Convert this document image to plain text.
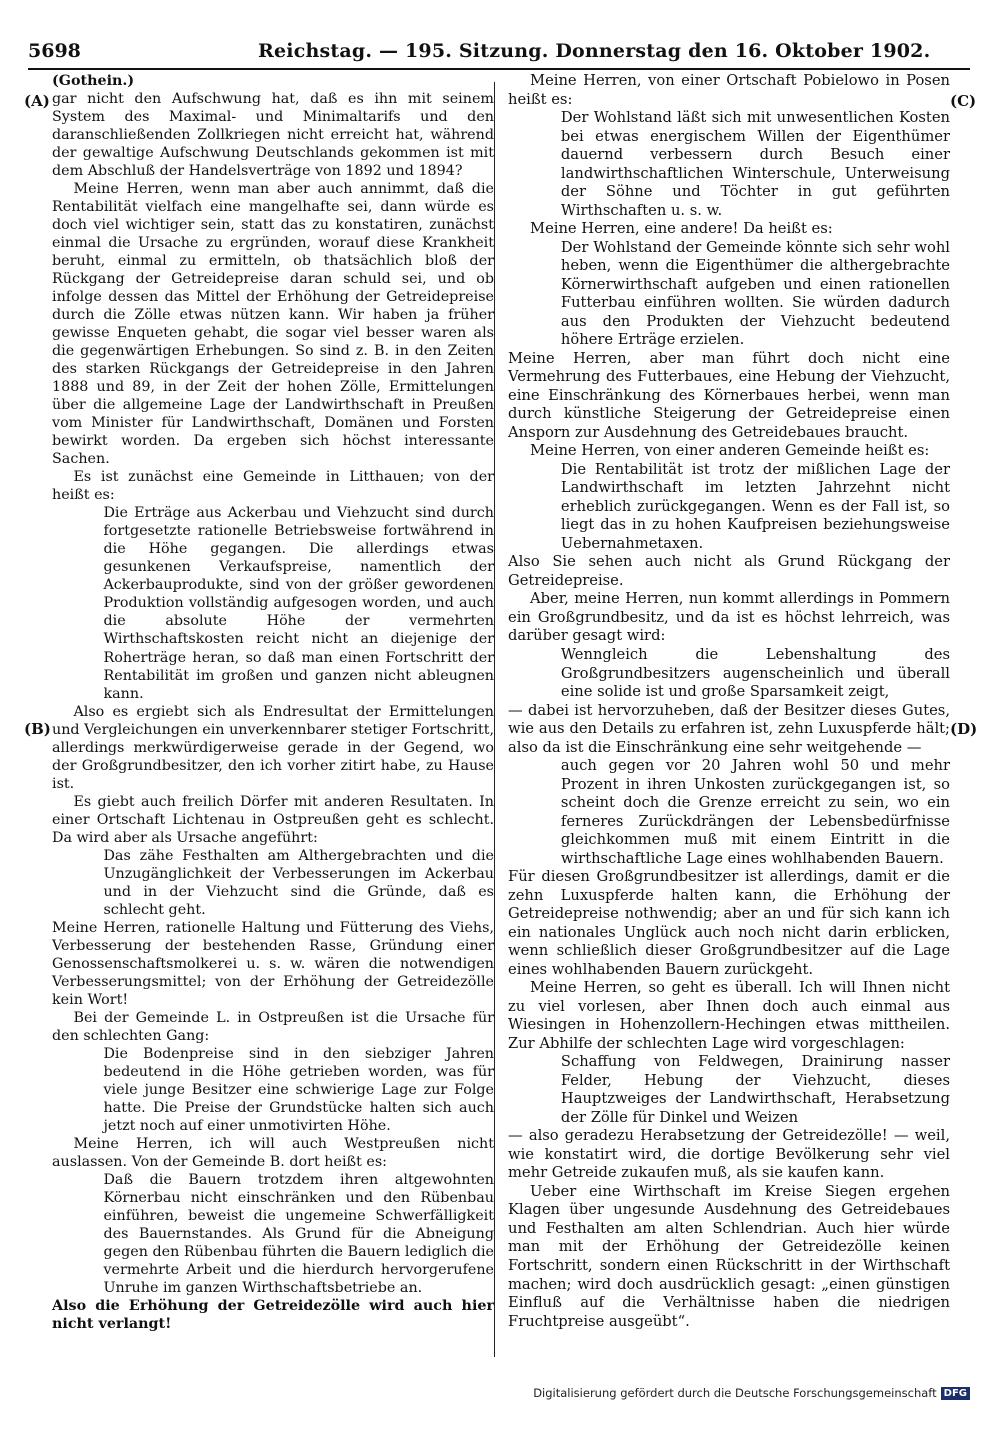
5698	Reichstag. — 195. Sitzung. Donnerstag den 16. Oktober 1902.
(A)
(B)
(C)
(D)
(Gothein.)

gar nicht den Aufschwung hat, daß es ihn mit seinem System des Maximal- und Minimaltarifs und den daranschließenden Zollkriegen nicht erreicht hat, während der gewaltige Aufschwung Deutschlands gekommen ist mit dem Abschluß der Handelsverträge von 1892 und 1894?

Meine Herren, wenn man aber auch annimmt, daß die Rentabilität vielfach eine mangelhafte sei, dann würde es doch viel wichtiger sein, statt das zu konstatiren, zunächst einmal die Ursache zu ergründen, worauf diese Krankheit beruht, einmal zu ermitteln, ob thatsächlich bloß der Rückgang der Getreidepreise daran schuld sei, und ob infolge dessen das Mittel der Erhöhung der Getreidepreise durch die Zölle etwas nützen kann. Wir haben ja früher gewisse Enqueten gehabt, die sogar viel besser waren als die gegenwärtigen Erhebungen. So sind z. B. in den Zeiten des starken Rückgangs der Getreidepreise in den Jahren 1888 und 89, in der Zeit der hohen Zölle, Ermittelungen über die allgemeine Lage der Landwirthschaft in Preußen vom Minister für Landwirthschaft, Domänen und Forsten bewirkt worden. Da ergeben sich höchst interessante Sachen.

Es ist zunächst eine Gemeinde in Litthauen; von der heißt es:

Die Erträge aus Ackerbau und Viehzucht sind durch fortgesetzte rationelle Betriebsweise fortwährend in die Höhe gegangen. Die allerdings etwas gesunkenen Verkaufspreise, namentlich der Ackerbauprodukte, sind von der größer gewordenen Produktion vollständig aufgesogen worden, und auch die absolute Höhe der vermehrten Wirthschaftskosten reicht nicht an diejenige der Roherträge heran, so daß man einen Fortschritt der Rentabilität im großen und ganzen nicht ableugnen kann.

Also es ergiebt sich als Endresultat der Ermittelungen und Vergleichungen ein unverkennbarer stetiger Fortschritt, allerdings merkwürdigerweise gerade in der Gegend, wo der Großgrundbesitzer, den ich vorher zitirt habe, zu Hause ist.

Es giebt auch freilich Dörfer mit anderen Resultaten. In einer Ortschaft Lichtenau in Ostpreußen geht es schlecht. Da wird aber als Ursache angeführt:

Das zähe Festhalten am Althergebrachten und die Unzugänglichkeit der Verbesserungen im Ackerbau und in der Viehzucht sind die Gründe, daß es schlecht geht.

Meine Herren, rationelle Haltung und Fütterung des Viehs, Verbesserung der bestehenden Rasse, Gründung einer Genossenschaftsmolkerei u. s. w. wären die notwendigen Verbesserungsmittel; von der Erhöhung der Getreidezölle kein Wort!

Bei der Gemeinde L. in Ostpreußen ist die Ursache für den schlechten Gang:

Die Bodenpreise sind in den siebziger Jahren bedeutend in die Höhe getrieben worden, was für viele junge Besitzer eine schwierige Lage zur Folge hatte. Die Preise der Grundstücke halten sich auch jetzt noch auf einer unmotivirten Höhe.

Meine Herren, ich will auch Westpreußen nicht auslassen. Von der Gemeinde B. dort heißt es:

Daß die Bauern trotzdem ihren altgewohnten Körnerbau nicht einschränken und den Rübenbau einführen, beweist die ungemeine Schwerfälligkeit des Bauernstandes. Als Grund für die Abneigung gegen den Rübenbau führten die Bauern lediglich die vermehrte Arbeit und die hierdurch hervorgerufene Unruhe im ganzen Wirthschaftsbetriebe an.

Also die Erhöhung der Getreidezölle wird auch hier nicht verlangt!

Meine Herren, von einer Ortschaft Pobielowo in Posen heißt es:

Der Wohlstand läßt sich mit unwesentlichen Kosten bei etwas energischem Willen der Eigenthümer dauernd verbessern durch Besuch einer landwirthschaftlichen Winterschule, Unterweisung der Söhne und Töchter in gut geführten Wirthschaften u. s. w.

Meine Herren, eine andere! Da heißt es:

Der Wohlstand der Gemeinde könnte sich sehr wohl heben, wenn die Eigenthümer die althergebrachte Körnerwirthschaft aufgeben und einen rationellen Futterbau einführen wollten. Sie würden dadurch aus den Produkten der Viehzucht bedeutend höhere Erträge erzielen.

Meine Herren, aber man führt doch nicht eine Vermehrung des Futterbaues, eine Hebung der Viehzucht, eine Einschränkung des Körnerbaues herbei, wenn man durch künstliche Steigerung der Getreidepreise einen Ansporn zur Ausdehnung des Getreidebaues braucht.

Meine Herren, von einer anderen Gemeinde heißt es:

Die Rentabilität ist trotz der mißlichen Lage der Landwirthschaft im letzten Jahrzehnt nicht erheblich zurückgegangen. Wenn es der Fall ist, so liegt das in zu hohen Kaufpreisen beziehungsweise Uebernahmetaxen.

Also Sie sehen auch nicht als Grund Rückgang der Getreidepreise.

Aber, meine Herren, nun kommt allerdings in Pommern ein Großgrundbesitz, und da ist es höchst lehrreich, was darüber gesagt wird:

Wenngleich die Lebenshaltung des Großgrundbesitzers augenscheinlich und überall eine solide ist und große Sparsamkeit zeigt,

— dabei ist hervorzuheben, daß der Besitzer dieses Gutes, wie aus den Details zu erfahren ist, zehn Luxuspferde hält; also da ist die Einschränkung eine sehr weitgehende —

auch gegen vor 20 Jahren wohl 50 und mehr Prozent in ihren Unkosten zurückgegangen ist, so scheint doch die Grenze erreicht zu sein, wo ein ferneres Zurückdrängen der Lebensbedürfnisse gleichkommen muß mit einem Eintritt in die wirthschaftliche Lage eines wohlhabenden Bauern.

Für diesen Großgrundbesitzer ist allerdings, damit er die zehn Luxuspferde halten kann, die Erhöhung der Getreidepreise nothwendig; aber an und für sich kann ich ein nationales Unglück auch noch nicht darin erblicken, wenn schließlich dieser Großgrundbesitzer auf die Lage eines wohlhabenden Bauern zurückgeht.

Meine Herren, so geht es überall. Ich will Ihnen nicht zu viel vorlesen, aber Ihnen doch auch einmal aus Wiesingen in Hohenzollern-Hechingen etwas mittheilen. Zur Abhilfe der schlechten Lage wird vorgeschlagen:

Schaffung von Feldwegen, Drainirung nasser Felder, Hebung der Viehzucht, dieses Hauptzweiges der Landwirthschaft, Herabsetzung der Zölle für Dinkel und Weizen

— also geradezu Herabsetzung der Getreidezölle! — weil, wie konstatirt wird, die dortige Bevölkerung sehr viel mehr Getreide zukaufen muß, als sie kaufen kann.

Ueber eine Wirthschaft im Kreise Siegen ergehen Klagen über ungesunde Ausdehnung des Getreidebaues und Festhalten am alten Schlendrian. Auch hier würde man mit der Erhöhung der Getreidezölle keinen Fortschritt, sondern einen Rückschritt in der Wirthschaft machen; wird doch ausdrücklich gesagt: „einen günstigen Einfluß auf die Verhältnisse haben die niedrigen Fruchtpreise ausgeübt“.

Digitalisierung gefördert durch die Deutsche Forschungsgemeinschaft DFG
